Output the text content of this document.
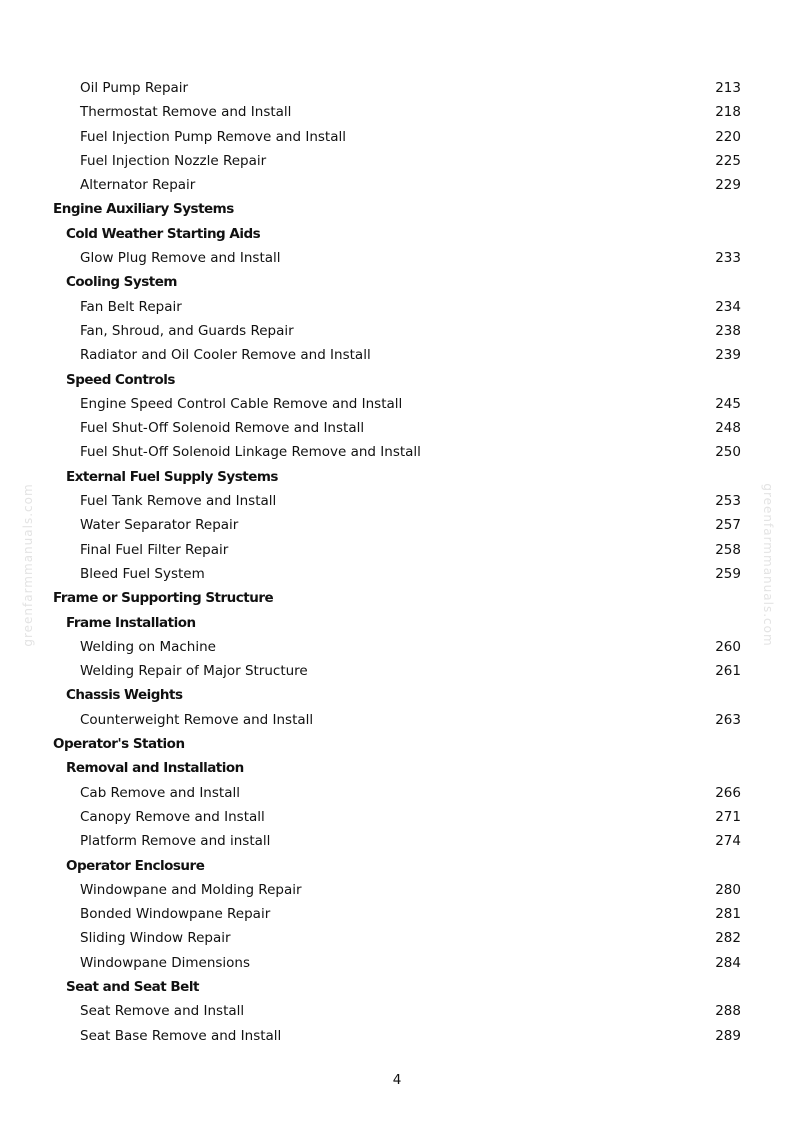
greenfarmmanuals.com	greenfarmmanuals.com
Oil Pump Repair	213
Thermostat Remove and Install	218
Fuel Injection Pump Remove and Install	220
Fuel Injection Nozzle Repair	225
Alternator Repair	229
Engine Auxiliary Systems
Cold Weather Starting Aids
Glow Plug Remove and Install	233
Cooling System
Fan Belt Repair	234
Fan, Shroud, and Guards Repair	238
Radiator and Oil Cooler Remove and Install	239
Speed Controls
Engine Speed Control Cable Remove and Install	245
Fuel Shut-Off Solenoid Remove and Install	248
Fuel Shut-Off Solenoid Linkage Remove and Install	250
External Fuel Supply Systems
Fuel Tank Remove and Install	253
Water Separator Repair	257
Final Fuel Filter Repair	258
Bleed Fuel System	259
Frame or Supporting Structure
Frame Installation
Welding on Machine	260
Welding Repair of Major Structure	261
Chassis Weights
Counterweight Remove and Install	263
Operator's Station
Removal and Installation
Cab Remove and Install	266
Canopy Remove and Install	271
Platform Remove and install	274
Operator Enclosure
Windowpane and Molding Repair	280
Bonded Windowpane Repair	281
Sliding Window Repair	282
Windowpane Dimensions	284
Seat and Seat Belt
Seat Remove and Install	288
Seat Base Remove and Install	289
4
